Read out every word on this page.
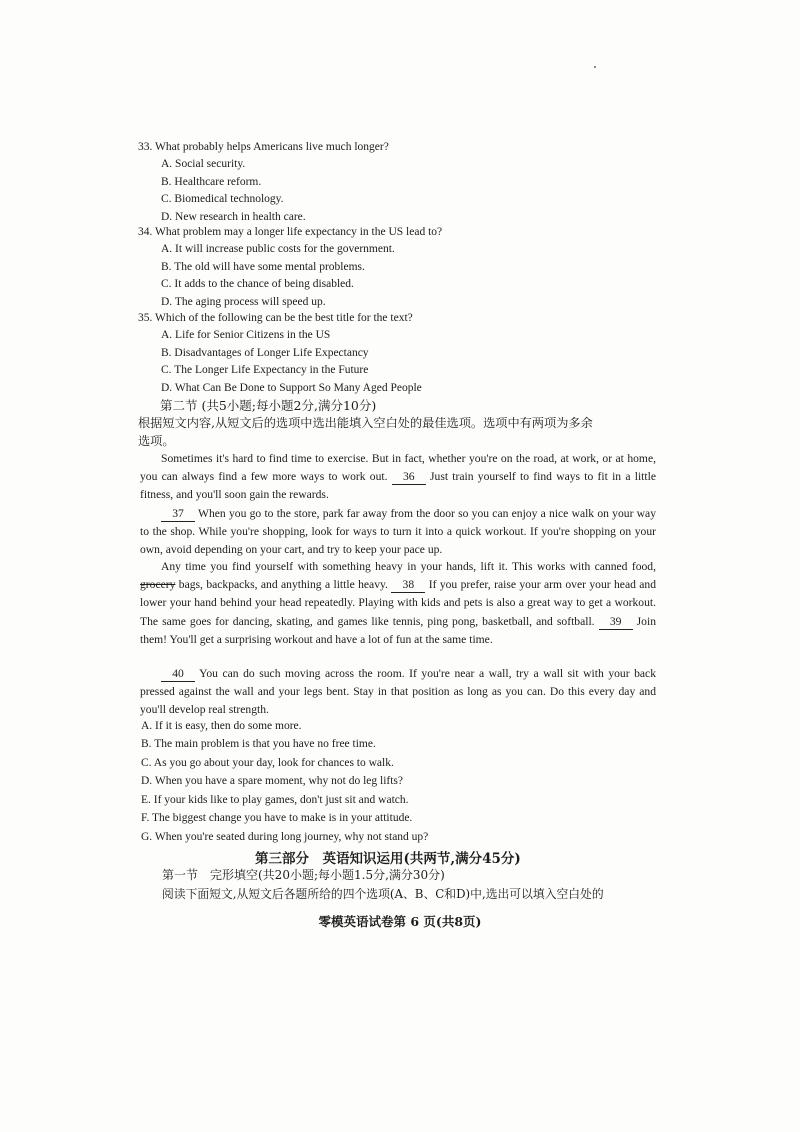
33. What probably helps Americans live much longer?
A. Social security.
B. Healthcare reform.
C. Biomedical technology.
D. New research in health care.
34. What problem may a longer life expectancy in the US lead to?
A. It will increase public costs for the government.
B. The old will have some mental problems.
C. It adds to the chance of being disabled.
D. The aging process will speed up.
35. Which of the following can be the best title for the text?
A. Life for Senior Citizens in the US
B. Disadvantages of Longer Life Expectancy
C. The Longer Life Expectancy in the Future
D. What Can Be Done to Support So Many Aged People
第二节 (共5小题;每小题2分,满分10分)
根据短文内容,从短文后的选项中选出能填入空白处的最佳选项。选项中有两项为多余
选项。
Sometimes it's hard to find time to exercise. But in fact, whether you're on the road, at work, or at home, you can always find a few more ways to work out. 36 Just train yourself to find ways to fit in a little fitness, and you'll soon gain the rewards.
37 When you go to the store, park far away from the door so you can enjoy a nice walk on your way to the shop. While you're shopping, look for ways to turn it into a quick workout. If you're shopping on your own, avoid depending on your cart, and try to keep your pace up.
Any time you find yourself with something heavy in your hands, lift it. This works with canned food, grocery bags, backpacks, and anything a little heavy. 38 If you prefer, raise your arm over your head and lower your hand behind your head repeatedly. Playing with kids and pets is also a great way to get a workout. The same goes for dancing, skating, and games like tennis, ping pong, basketball, and softball. 39 Join them! You'll get a surprising workout and have a lot of fun at the same time.
40 You can do such moving across the room. If you're near a wall, try a wall sit with your back pressed against the wall and your legs bent. Stay in that position as long as you can. Do this every day and you'll develop real strength.
A. If it is easy, then do some more.
B. The main problem is that you have no free time.
C. As you go about your day, look for chances to walk.
D. When you have a spare moment, why not do leg lifts?
E. If your kids like to play games, don't just sit and watch.
F. The biggest change you have to make is in your attitude.
G. When you're seated during long journey, why not stand up?
第三部分　英语知识运用(共两节,满分45分)
第一节　完形填空(共20小题;每小题1.5分,满分30分)
阅读下面短文,从短文后各题所给的四个选项(A、B、C和D)中,选出可以填入空白处的
零模英语试卷第 6 页(共8页)
